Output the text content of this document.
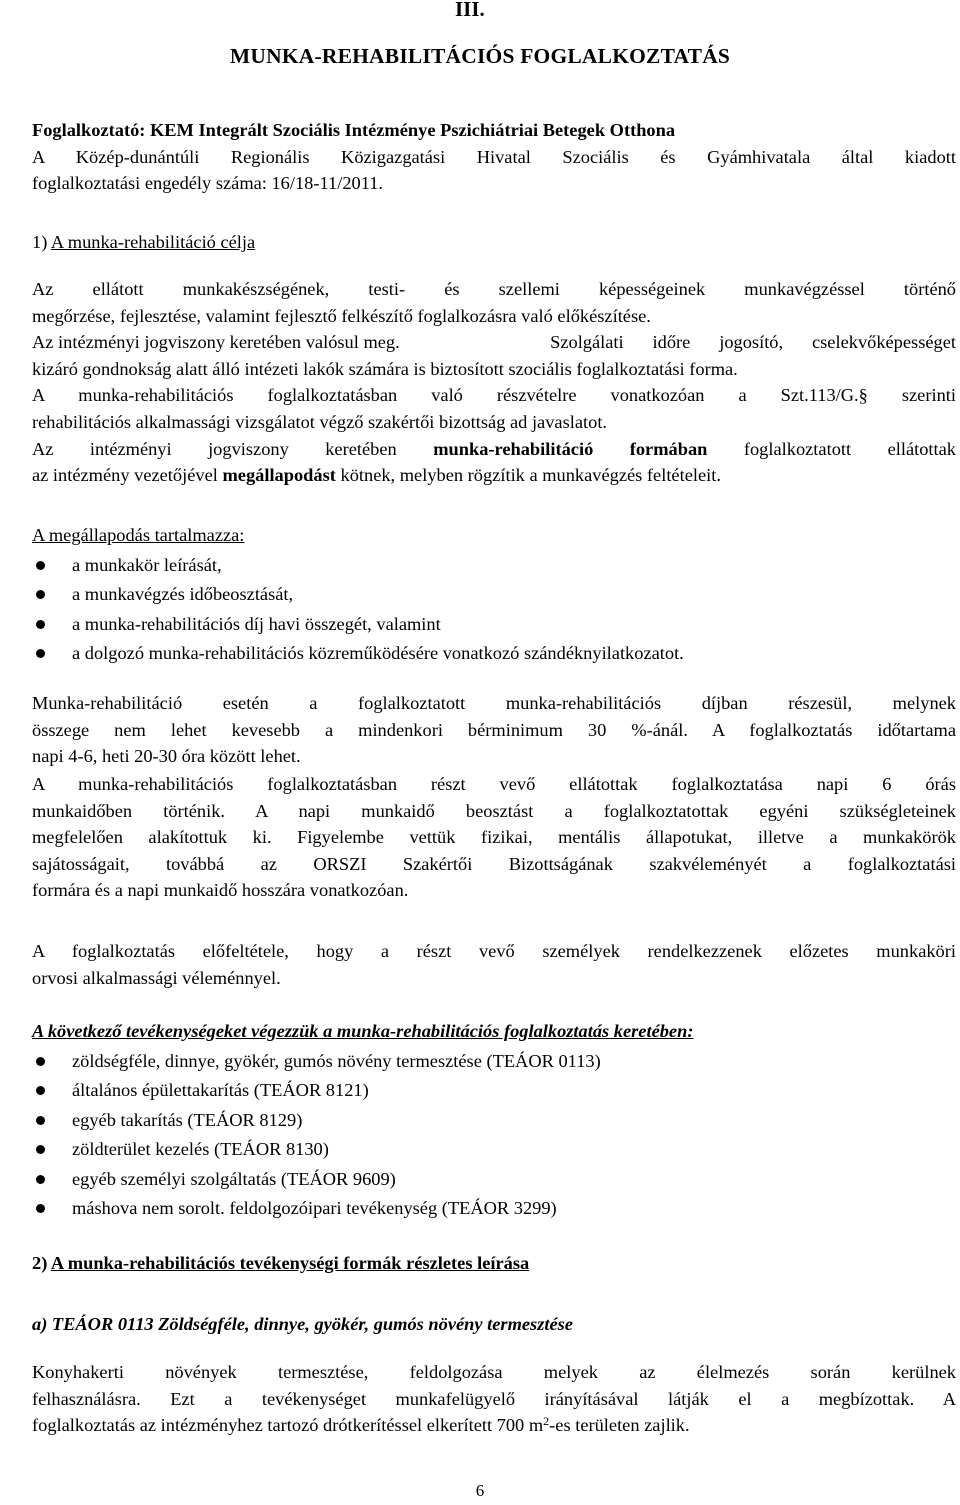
III.
MUNKA-REHABILITÁCIÓS FOGLALKOZTATÁS
Foglalkoztató: KEM Integrált Szociális Intézménye Pszichiátriai Betegek Otthona
A Közép-dunántúli Regionális Közigazgatási Hivatal Szociális és Gyámhivatala által kiadott
foglalkoztatási engedély száma: 16/18-11/2011.
1) A munka-rehabilitáció célja
Az ellátott munkakészségének, testi- és szellemi képességeinek munkavégzéssel történő
megőrzése, fejlesztése, valamint fejlesztő felkészítő foglalkozásra való előkészítése.
Az intézményi jogviszony keretében valósul meg.	Szolgálati időre jogosító, cselekvőképességet
kizáró gondnokság alatt álló intézeti lakók számára is biztosított szociális foglalkoztatási forma.
A munka-rehabilitációs foglalkoztatásban való részvételre vonatkozóan a Szt.113/G.§ szerinti
rehabilitációs alkalmassági vizsgálatot végző szakértői bizottság ad javaslatot.
Az intézményi jogviszony keretében munka-rehabilitáció formában foglalkoztatott ellátottak
az intézmény vezetőjével megállapodást kötnek, melyben rögzítik a munkavégzés feltételeit.
A megállapodás tartalmazza:
a munkakör leírását,
a munkavégzés időbeosztását,
a munka-rehabilitációs díj havi összegét, valamint
a dolgozó munka-rehabilitációs közreműködésére vonatkozó szándéknyilatkozatot.
Munka-rehabilitáció esetén a foglalkoztatott munka-rehabilitációs díjban részesül, melynek
összege nem lehet kevesebb a mindenkori bérminimum 30 %-ánál. A foglalkoztatás időtartama
napi 4-6, heti 20-30 óra között lehet.
A munka-rehabilitációs foglalkoztatásban részt vevő ellátottak foglalkoztatása napi 6 órás
munkaidőben történik. A napi munkaidő beosztást a foglalkoztatottak egyéni szükségleteinek
megfelelően alakítottuk ki. Figyelembe vettük fizikai, mentális állapotukat, illetve a munkakörök
sajátosságait, továbbá az ORSZI Szakértői Bizottságának szakvéleményét a foglalkoztatási
formára és a napi munkaidő hosszára vonatkozóan.
A foglalkoztatás előfeltétele, hogy a részt vevő személyek rendelkezzenek előzetes munkaköri
orvosi alkalmassági véleménnyel.
A következő tevékenységeket végezzük a munka-rehabilitációs foglalkoztatás keretében:
zöldségféle, dinnye, gyökér, gumós növény termesztése (TEÁOR 0113)
általános épülettakarítás (TEÁOR 8121)
egyéb takarítás (TEÁOR 8129)
zöldterület kezelés (TEÁOR 8130)
egyéb személyi szolgáltatás (TEÁOR 9609)
máshova nem sorolt. feldolgozóipari tevékenység (TEÁOR 3299)
2) A munka-rehabilitációs tevékenységi formák részletes leírása
a) TEÁOR 0113 Zöldségféle, dinnye, gyökér, gumós növény termesztése
Konyhakerti növények termesztése, feldolgozása melyek az élelmezés során kerülnek
felhasználásra. Ezt a tevékenységet munkafelügyelő irányításával látják el a megbízottak. A
foglalkoztatás az intézményhez tartozó drótkerítéssel elkerített 700 $m^2-es$ területen zajlik.
6
